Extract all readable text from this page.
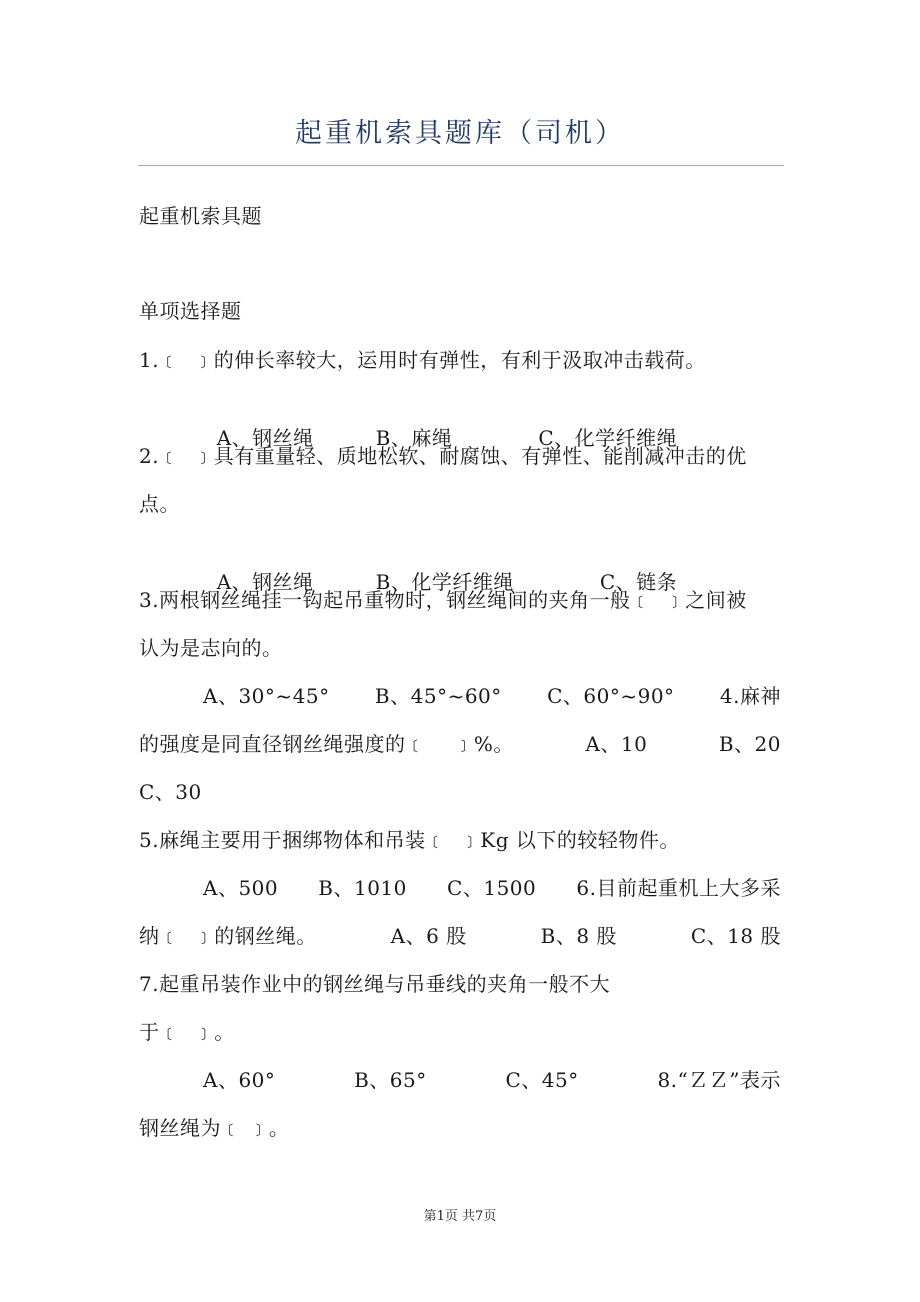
起重机索具题库（司机）
起重机索具题
单项选择题
1.﹝  ﹞的伸长率较大，运用时有弹性，有利于汲取冲击载荷。

A、钢丝绳	B、麻绳	C、化学纤维绳

2.﹝  ﹞具有重量轻、质地松软、耐腐蚀、有弹性、能削减冲击的优
点。

A、钢丝绳	B、化学纤维绳	C、链条

3.两根钢丝绳挂一钩起吊重物时，钢丝绳间的夹角一般﹝  ﹞之间被
认为是志向的。
A、30°~45° B、45°~60° C、60°~90° 4.麻神
的强度是同直径钢丝绳强度的﹝    ﹞%。	A、10	B、20
C、30
5.麻绳主要用于捆绑物体和吊装﹝  ﹞Kg 以下的较轻物件。
A、500 B、1010 C、1500 6.目前起重机上大多采
纳﹝  ﹞的钢丝绳。	A、6 股	B、8 股	C、18 股
7.起重吊装作业中的钢丝绳与吊垂线的夹角一般不大
于﹝  ﹞。
A、60°	B、65°	C、45°	8.“ＺＺ”表示
钢丝绳为﹝ ﹞。
第1页 共7页
